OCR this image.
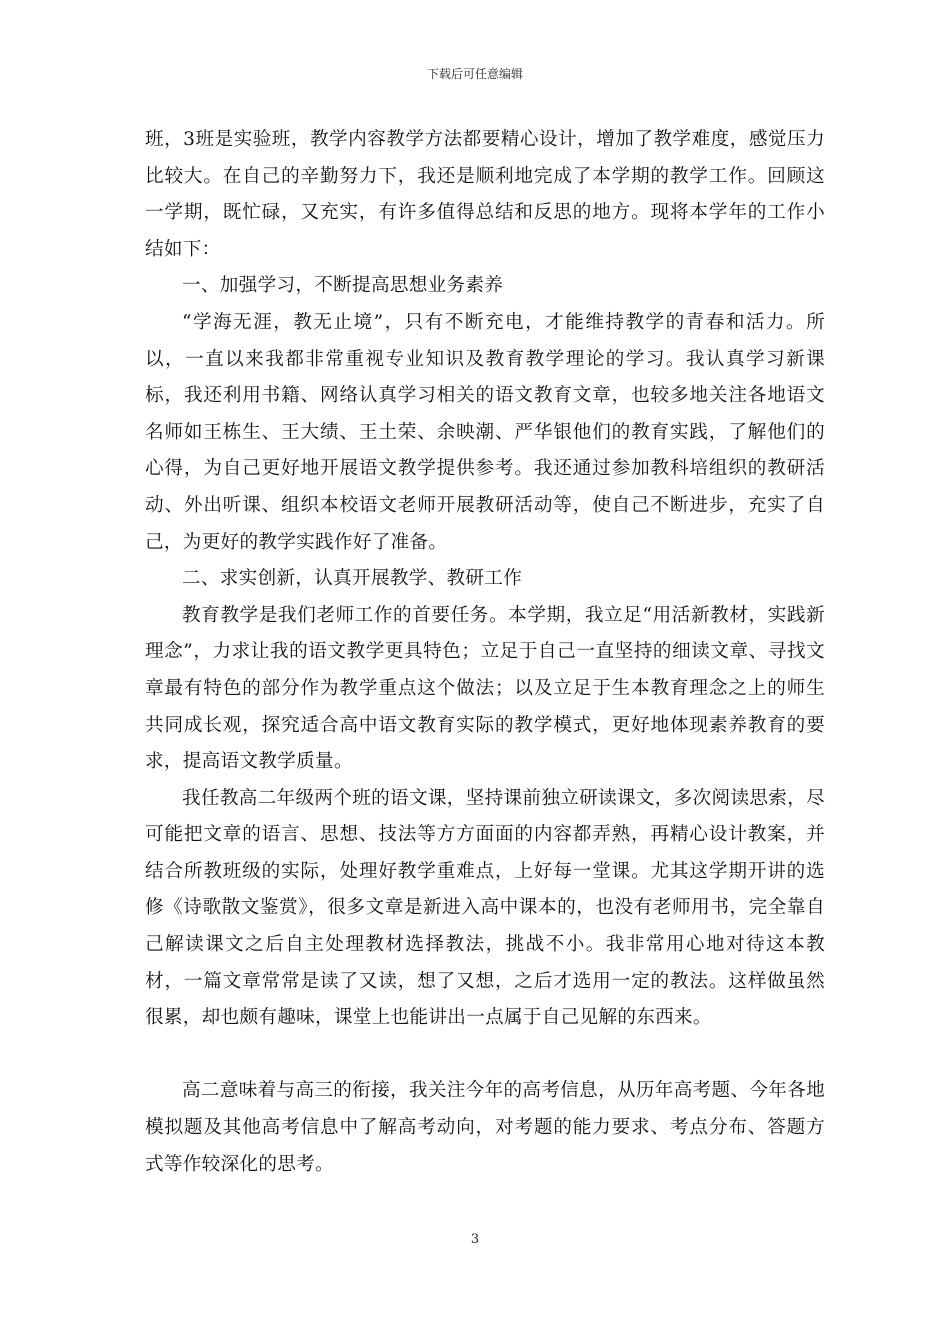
下载后可任意编辑

班，3班是实验班，教学内容教学方法都要精心设计，增加了教学难度，感觉压力比较大。在自己的辛勤努力下，我还是顺利地完成了本学期的教学工作。回顾这一学期，既忙碌，又充实，有许多值得总结和反思的地方。现将本学年的工作小结如下：

一、加强学习，不断提高思想业务素养

“学海无涯，教无止境”，只有不断充电，才能维持教学的青春和活力。所以，一直以来我都非常重视专业知识及教育教学理论的学习。我认真学习新课标，我还利用书籍、网络认真学习相关的语文教育文章，也较多地关注各地语文名师如王栋生、王大绩、王土荣、余映潮、严华银他们的教育实践，了解他们的心得，为自己更好地开展语文教学提供参考。我还通过参加教科培组织的教研活动、外出听课、组织本校语文老师开展教研活动等，使自己不断进步，充实了自己，为更好的教学实践作好了准备。

二、求实创新，认真开展教学、教研工作

教育教学是我们老师工作的首要任务。本学期，我立足“用活新教材，实践新理念”，力求让我的语文教学更具特色；立足于自己一直坚持的细读文章、寻找文章最有特色的部分作为教学重点这个做法；以及立足于生本教育理念之上的师生共同成长观，探究适合高中语文教育实际的教学模式，更好地体现素养教育的要求，提高语文教学质量。

我任教高二年级两个班的语文课，坚持课前独立研读课文，多次阅读思索，尽可能把文章的语言、思想、技法等方方面面的内容都弄熟，再精心设计教案，并结合所教班级的实际，处理好教学重难点，上好每一堂课。尤其这学期开讲的选修《诗歌散文鉴赏》，很多文章是新进入高中课本的，也没有老师用书，完全靠自己解读课文之后自主处理教材选择教法，挑战不小。我非常用心地对待这本教材，一篇文章常常是读了又读，想了又想，之后才选用一定的教法。这样做虽然很累，却也颇有趣味，课堂上也能讲出一点属于自己见解的东西来。

高二意味着与高三的衔接，我关注今年的高考信息，从历年高考题、今年各地模拟题及其他高考信息中了解高考动向，对考题的能力要求、考点分布、答题方式等作较深化的思考。

3
